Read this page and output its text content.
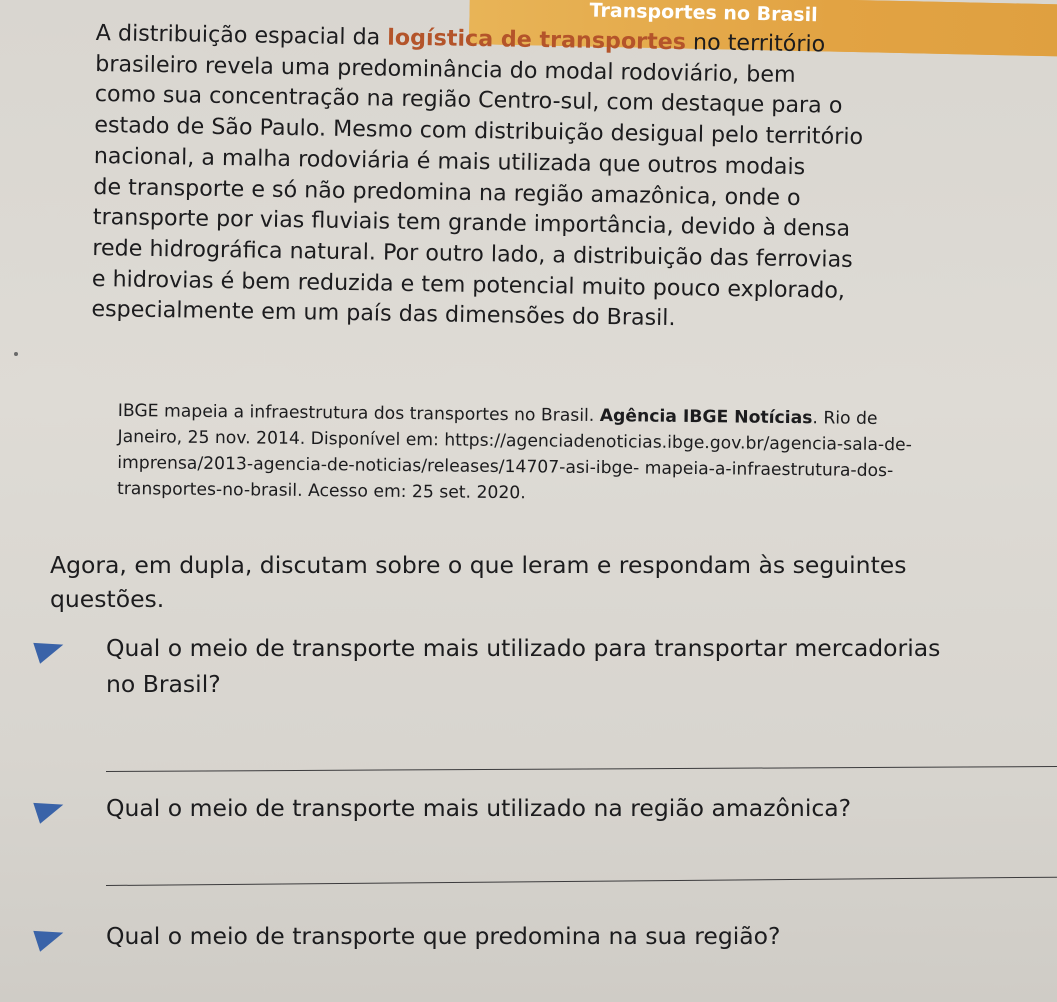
Transportes no Brasil
A distribuição espacial da logística de transportes no território
brasileiro revela uma predominância do modal rodoviário, bem
como sua concentração na região Centro-sul, com destaque para o
estado de São Paulo. Mesmo com distribuição desigual pelo território
nacional, a malha rodoviária é mais utilizada que outros modais
de transporte e só não predomina na região amazônica, onde o
transporte por vias fluviais tem grande importância, devido à densa
rede hidrográfica natural. Por outro lado, a distribuição das ferrovias
e hidrovias é bem reduzida e tem potencial muito pouco explorado,
especialmente em um país das dimensões do Brasil.
IBGE mapeia a infraestrutura dos transportes no Brasil. Agência IBGE Notícias. Rio de
Janeiro, 25 nov. 2014. Disponível em: https://agenciadenoticias.ibge.gov.br/agencia-sala-de-
imprensa/2013-agencia-de-noticias/releases/14707-asi-ibge- mapeia-a-infraestrutura-dos-
transportes-no-brasil. Acesso em: 25 set. 2020.
Agora, em dupla, discutam sobre o que leram e respondam às seguintes
questões.
Qual o meio de transporte mais utilizado para transportar mercadorias
no Brasil?
Qual o meio de transporte mais utilizado na região amazônica?
Qual o meio de transporte que predomina na sua região?
